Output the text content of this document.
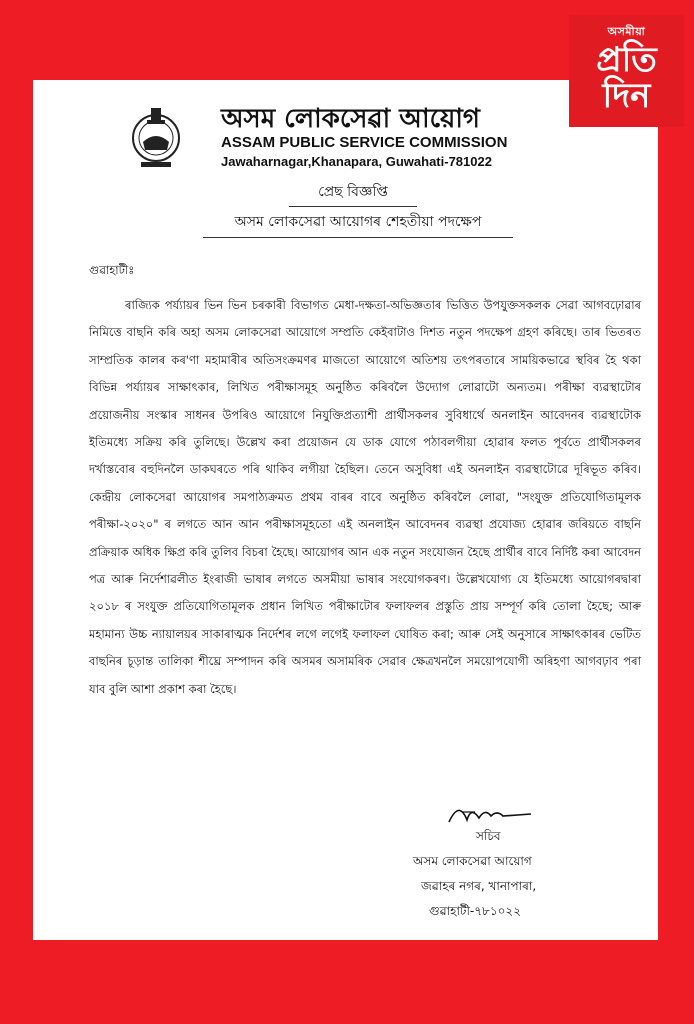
অসম লোকসেৱা আয়োগ
ASSAM PUBLIC SERVICE COMMISSION
Jawaharnagar,Khanapara, Guwahati-781022
প্ৰেছ বিজ্ঞপ্তি
অসম লোকসেৱা আয়োগৰ শেহতীয়া পদক্ষেপ
গুৱাহাটীঃ

ৰাজ্যিক পৰ্য্যায়ৰ ভিন ভিন চৰকাৰী বিভাগত মেধা-দক্ষতা-অভিজ্ঞতাৰ ভিত্তিত উপযুক্তসকলক সেৱা আগবঢ়োৱাৰ নিমিত্তে বাছনি কৰি অহা অসম লোকসেৱা আয়োগে সম্প্ৰতি কেইবাটাও দিশত নতুন পদক্ষেপ গ্ৰহণ কৰিছে। তাৰ ভিতৰত সাম্প্ৰতিক কালৰ কৰ'ণা মহামাৰীৰ অতিসংক্ৰমণৰ মাজতো আয়োগে অতিশয় তৎপৰতাৰে সাময়িকভাৱে স্থবিৰ হৈ থকা বিভিন্ন পৰ্য্যায়ৰ সাক্ষাৎকাৰ, লিখিত পৰীক্ষাসমূহ অনুষ্ঠিত কৰিবলৈ উদ্যোগ লোৱাটো অন্যতম। পৰীক্ষা ব্যৱস্থাটোৰ প্ৰয়োজনীয় সংস্কাৰ সাধনৰ উপৰিও আয়োগে নিযুক্তিপ্ৰত্যাশী প্ৰাৰ্থীসকলৰ সুবিধাৰ্থে অনলাইন আবেদনৰ ব্যৱস্থাটোক ইতিমধ্যে সক্ৰিয় কৰি তুলিছে। উল্লেখ কৰা প্ৰয়োজন যে ডাক যোগে পঠাবলগীয়া হোৱাৰ ফলত পূৰ্বতে প্ৰাৰ্থীসকলৰ দৰ্খাস্তবোৰ বহুদিনলৈ ডাকঘৰতে পৰি থাকিব লগীয়া হৈছিল। তেনে অসুবিধা এই অনলাইন ব্যৱস্থাটোৱে দূৰিভূত কৰিব। কেন্দ্ৰীয় লোকসেৱা আয়োগৰ সমপাঠ্যক্ৰমত প্ৰথম বাৰৰ বাবে অনুষ্ঠিত কৰিবলৈ লোৱা, "সংযুক্ত প্ৰতিযোগিতামূলক পৰীক্ষা-২০২০" ৰ লগতে আন আন পৰীক্ষাসমূহতো এই অনলাইন আবেদনৰ ব্যৱস্থা প্ৰযোজ্য হোৱাৰ জৰিয়তে বাছনি প্ৰক্ৰিয়াক অধিক ক্ষিপ্ৰ কৰি তুলিব বিচৰা হৈছে। আয়োগৰ আন এক নতুন সংযোজন হৈছে প্ৰাৰ্থীৰ বাবে নিৰ্দিষ্ট কৰা আবেদন পত্ৰ আৰু নিৰ্দেশাৱলীত ইংৰাজী ভাষাৰ লগতে অসমীয়া ভাষাৰ সংযোগকৰণ। উল্লেখযোগ্য যে ইতিমধ্যে আয়োগৰদ্বাৰা ২০১৮ ৰ সংযুক্ত প্ৰতিযোগিতামূলক প্ৰধান লিখিত পৰীক্ষাটোৰ ফলাফলৰ প্ৰস্তুতি প্ৰায় সম্পূৰ্ণ কৰি তোলা হৈছে; আৰু মহামান্য উচ্চ ন্যায়ালয়ৰ সাকাৰাত্মক নিৰ্দেশৰ লগে লগেই ফলাফল ঘোষিত কৰা; আৰু সেই অনুসাৰে সাক্ষাৎকাৰৰ ভেটিত বাছনিৰ চূড়ান্ত তালিকা শীঘ্ৰে সম্পাদন কৰি অসমৰ অসামৰিক সেৱাৰ ক্ষেত্ৰখনলৈ সময়োপযোগী অৰিহণা আগবঢ়াব পৰা যাব বুলি আশা প্ৰকাশ কৰা হৈছে।

সচিব
অসম লোকসেৱা আয়োগ
জৱাহৰ নগৰ, খানাপাৰা,
গুৱাহাটী-৭৮১০২২
অসমীয়া
প্ৰতি
দিন
